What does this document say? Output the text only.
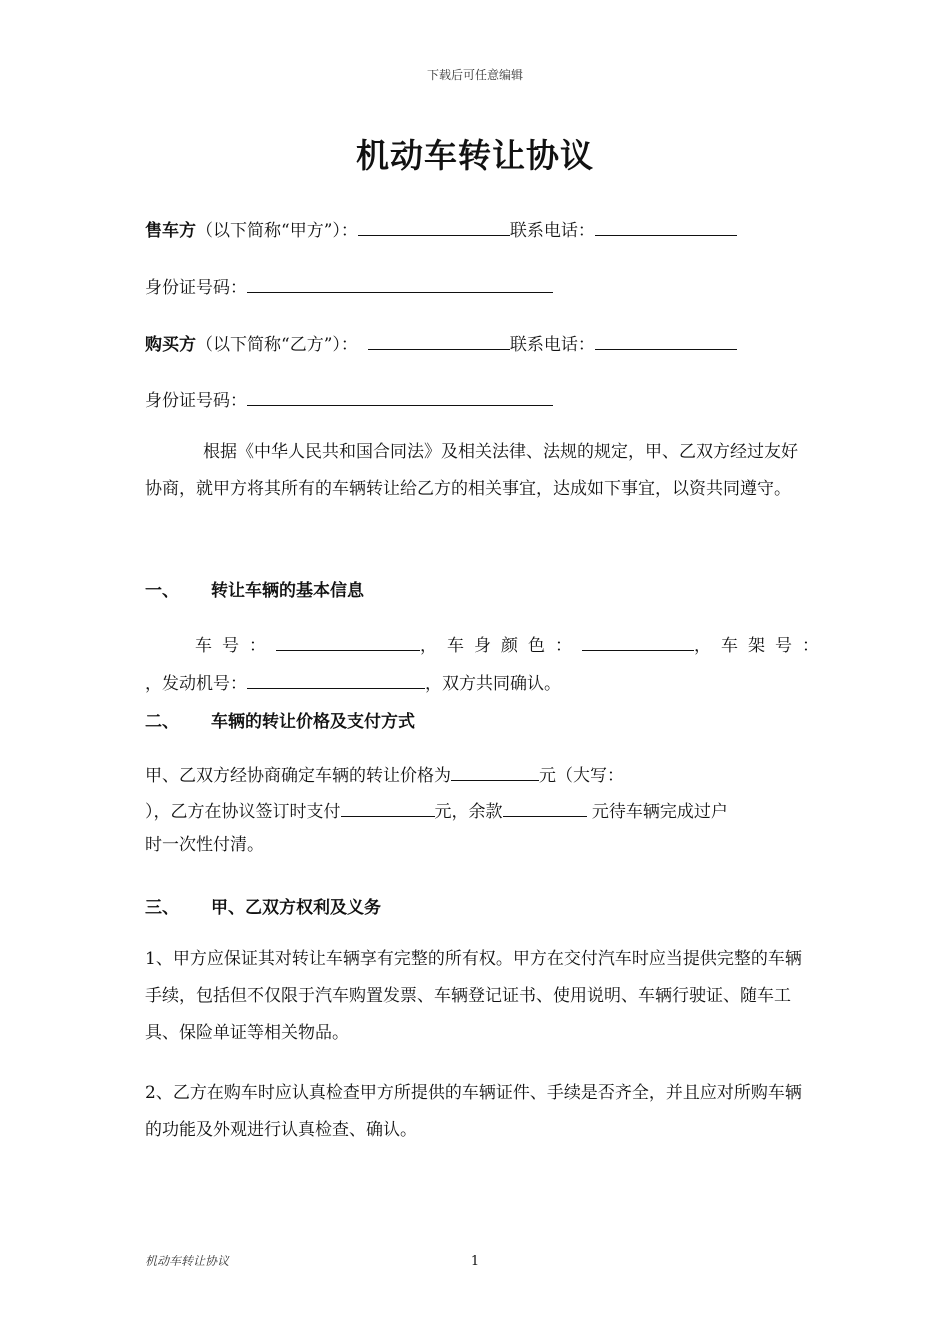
下载后可任意编辑
机动车转让协议
售车方（以下简称“甲方”）：	联系电话：
身份证号码：
购买方（以下简称“乙方”）：	联系电话：
身份证号码：
根据《中华人民共和国合同法》及相关法律、法规的规定，甲、乙双方经过友好协商，就甲方将其所有的车辆转让给乙方的相关事宜，达成如下事宜，以资共同遵守。
一、 转让车辆的基本信息
车号：	，车身颜色：	，车架号：
，发动机号：	，双方共同确认。
二、 车辆的转让价格及支付方式
甲、乙双方经协商确定车辆的转让价格为	元（大写：
），乙方在协议签订时支付	元，余款	元待车辆完成过户
时一次性付清。
三、 甲、乙双方权利及义务
1、甲方应保证其对转让车辆享有完整的所有权。甲方在交付汽车时应当提供完整的车辆手续，包括但不仅限于汽车购置发票、车辆登记证书、使用说明、车辆行驶证、随车工具、保险单证等相关物品。
2、乙方在购车时应认真检查甲方所提供的车辆证件、手续是否齐全，并且应对所购车辆的功能及外观进行认真检查、确认。
机动车转让协议	1
